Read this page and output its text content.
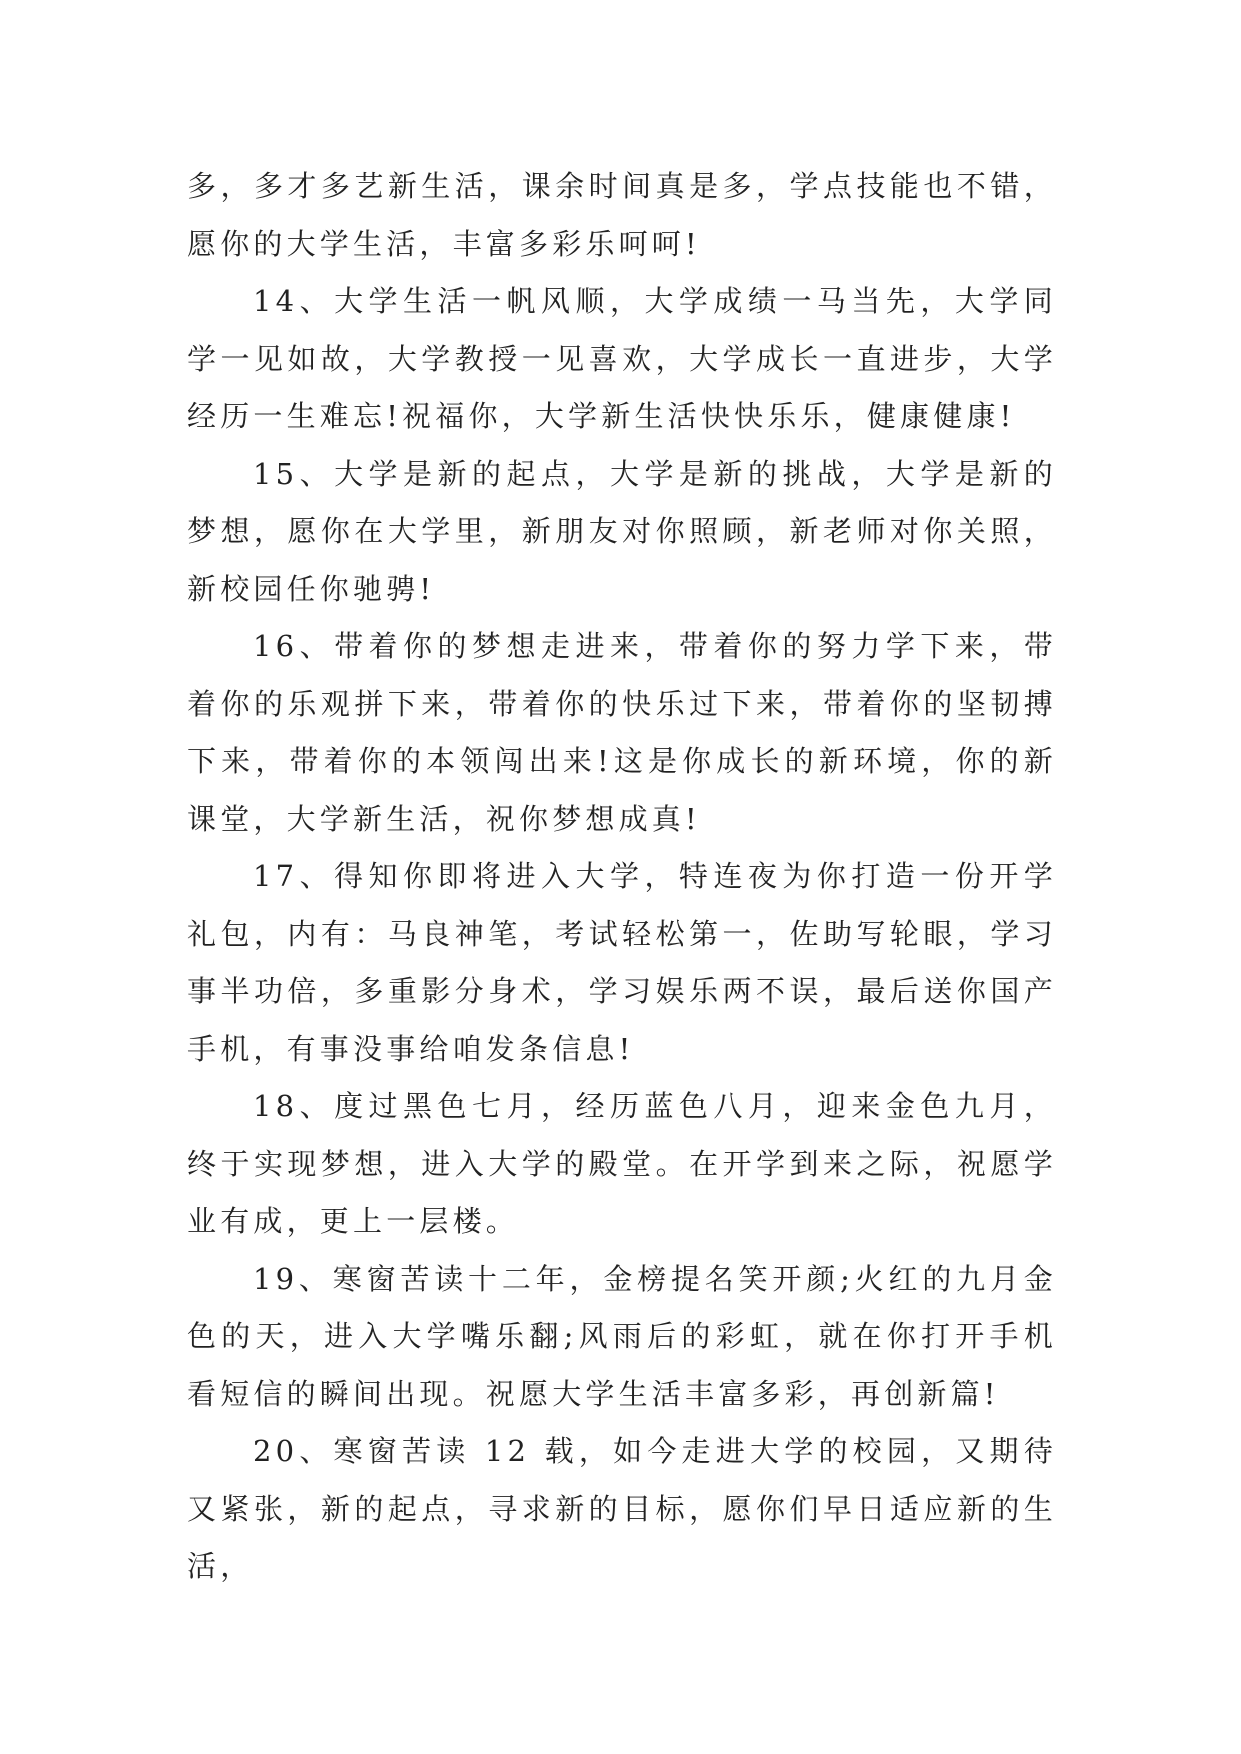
多，多才多艺新生活，课余时间真是多，学点技能也不错，愿你的大学生活，丰富多彩乐呵呵!

14、大学生活一帆风顺，大学成绩一马当先，大学同学一见如故，大学教授一见喜欢，大学成长一直进步，大学经历一生难忘!祝福你，大学新生活快快乐乐，健康健康!

15、大学是新的起点，大学是新的挑战，大学是新的梦想，愿你在大学里，新朋友对你照顾，新老师对你关照，新校园任你驰骋!

16、带着你的梦想走进来，带着你的努力学下来，带着你的乐观拼下来，带着你的快乐过下来，带着你的坚韧搏下来，带着你的本领闯出来!这是你成长的新环境，你的新课堂，大学新生活，祝你梦想成真!

17、得知你即将进入大学，特连夜为你打造一份开学礼包，内有：马良神笔，考试轻松第一，佐助写轮眼，学习事半功倍，多重影分身术，学习娱乐两不误，最后送你国产手机，有事没事给咱发条信息!

18、度过黑色七月，经历蓝色八月，迎来金色九月，终于实现梦想，进入大学的殿堂。在开学到来之际，祝愿学业有成，更上一层楼。

19、寒窗苦读十二年，金榜提名笑开颜;火红的九月金色的天，进入大学嘴乐翻;风雨后的彩虹，就在你打开手机看短信的瞬间出现。祝愿大学生活丰富多彩，再创新篇!

20、寒窗苦读 12 载，如今走进大学的校园，又期待又紧张，新的起点，寻求新的目标，愿你们早日适应新的生活，
